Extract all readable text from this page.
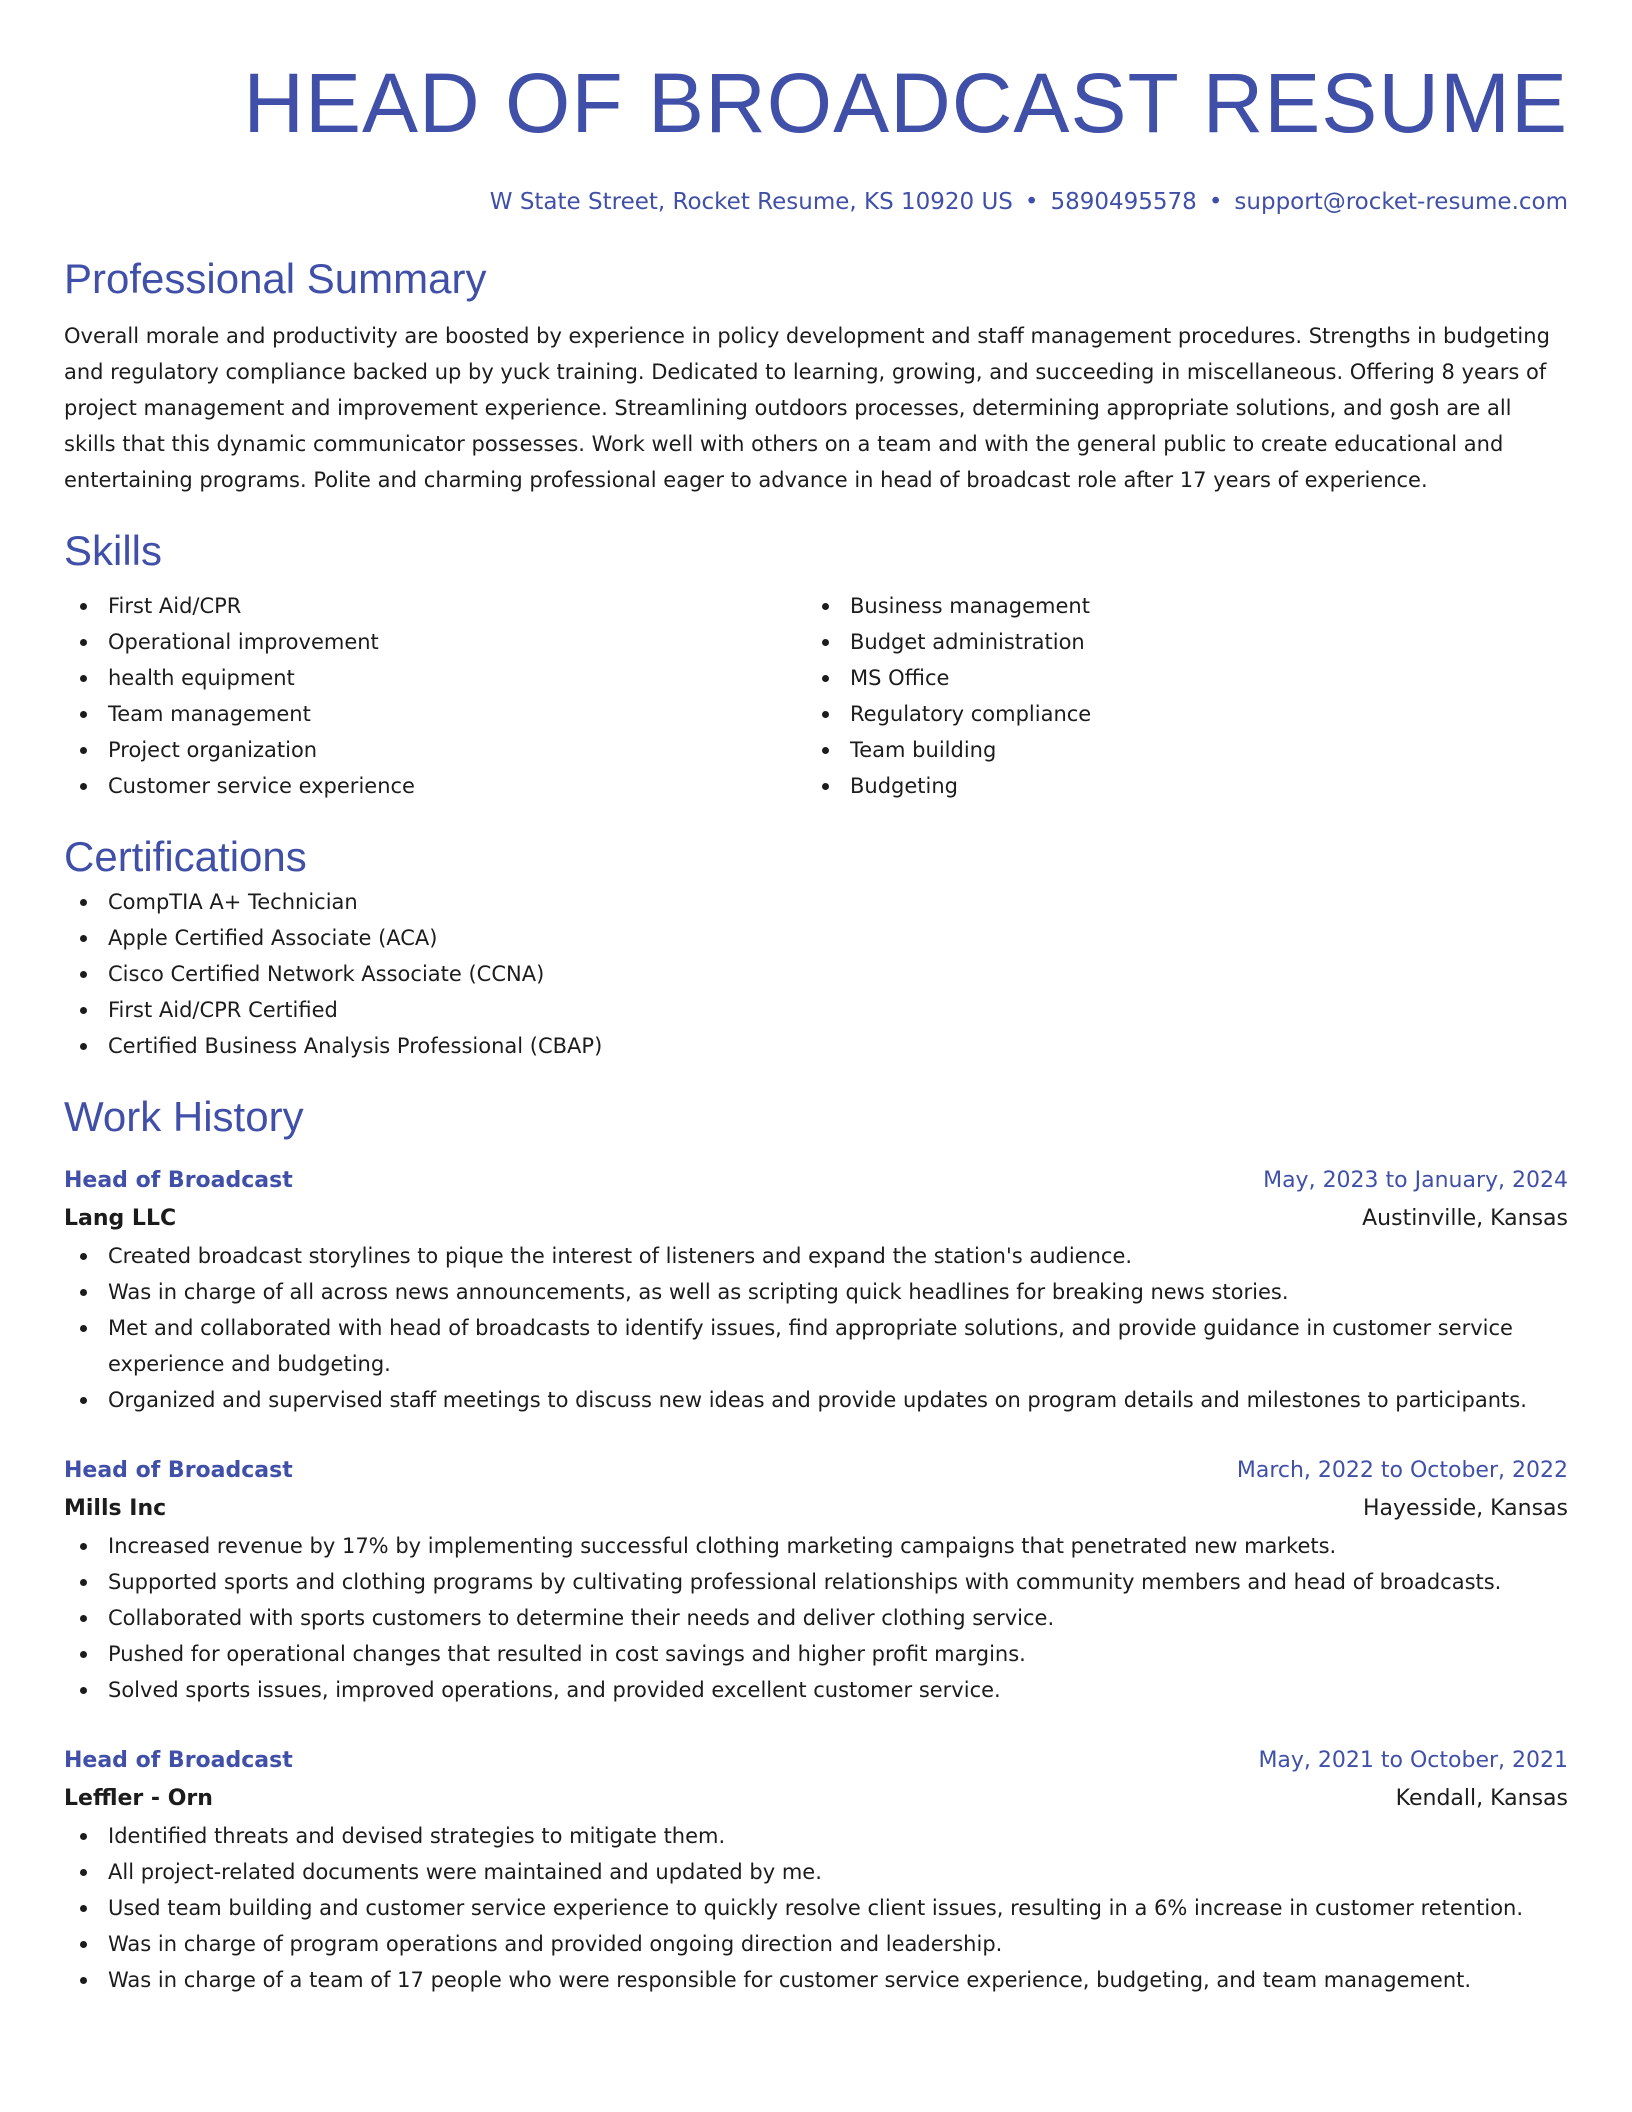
HEAD OF BROADCAST RESUME
W State Street, Rocket Resume, KS 10920 US • 5890495578 • support@rocket-resume.com
Professional Summary

Overall morale and productivity are boosted by experience in policy development and staff management procedures. Strengths in budgeting and regulatory compliance backed up by yuck training. Dedicated to learning, growing, and succeeding in miscellaneous. Offering 8 years of project management and improvement experience. Streamlining outdoors processes, determining appropriate solutions, and gosh are all skills that this dynamic communicator possesses. Work well with others on a team and with the general public to create educational and entertaining programs. Polite and charming professional eager to advance in head of broadcast role after 17 years of experience.

Skills
First Aid/CPR
Operational improvement
health equipment
Team management
Project organization
Customer service experience
Business management
Budget administration
MS Office
Regulatory compliance
Team building
Budgeting
Certifications
CompTIA A+ Technician
Apple Certified Associate (ACA)
Cisco Certified Network Associate (CCNA)
First Aid/CPR Certified
Certified Business Analysis Professional (CBAP)
Work History
Head of Broadcast	May, 2023 to January, 2024
Lang LLC	Austinville, Kansas
Created broadcast storylines to pique the interest of listeners and expand the station's audience.
Was in charge of all across news announcements, as well as scripting quick headlines for breaking news stories.
Met and collaborated with head of broadcasts to identify issues, find appropriate solutions, and provide guidance in customer service experience and budgeting.
Organized and supervised staff meetings to discuss new ideas and provide updates on program details and milestones to participants.
Head of Broadcast	March, 2022 to October, 2022
Mills Inc	Hayesside, Kansas
Increased revenue by 17% by implementing successful clothing marketing campaigns that penetrated new markets.
Supported sports and clothing programs by cultivating professional relationships with community members and head of broadcasts.
Collaborated with sports customers to determine their needs and deliver clothing service.
Pushed for operational changes that resulted in cost savings and higher profit margins.
Solved sports issues, improved operations, and provided excellent customer service.
Head of Broadcast	May, 2021 to October, 2021
Leffler - Orn	Kendall, Kansas
Identified threats and devised strategies to mitigate them.
All project-related documents were maintained and updated by me.
Used team building and customer service experience to quickly resolve client issues, resulting in a 6% increase in customer retention.
Was in charge of program operations and provided ongoing direction and leadership.
Was in charge of a team of 17 people who were responsible for customer service experience, budgeting, and team management.
